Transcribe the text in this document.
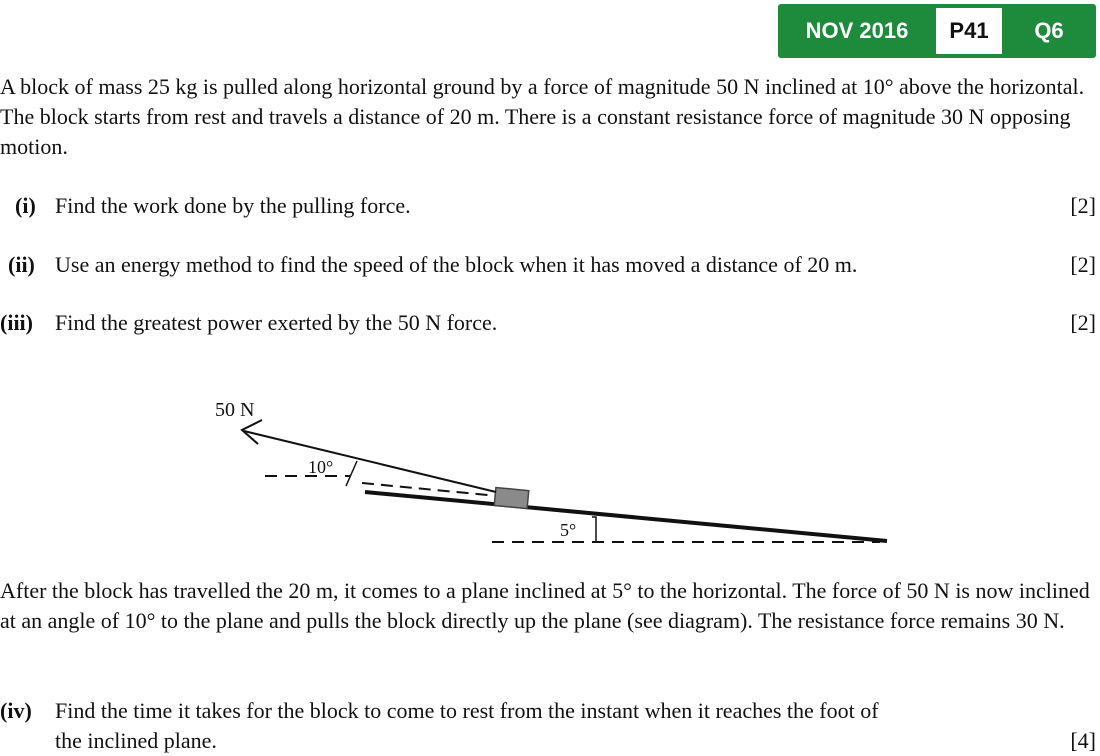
NOV 2016	P41	Q6
A block of mass 25 kg is pulled along horizontal ground by a force of magnitude 50 N inclined at 10° above the horizontal. The block starts from rest and travels a distance of 20 m. There is a constant resistance force of magnitude 30 N opposing motion.
(i) Find the work done by the pulling force.	[2]
(ii) Use an energy method to find the speed of the block when it has moved a distance of 20 m.	[2]
(iii) Find the greatest power exerted by the 50 N force.	[2]
5°
50 N
10°
After the block has travelled the 20 m, it comes to a plane inclined at 5° to the horizontal. The force of 50 N is now inclined at an angle of 10° to the plane and pulls the block directly up the plane (see diagram). The resistance force remains 30 N.
(iv) Find the time it takes for the block to come to rest from the instant when it reaches the foot of
the inclined plane.	[4]
